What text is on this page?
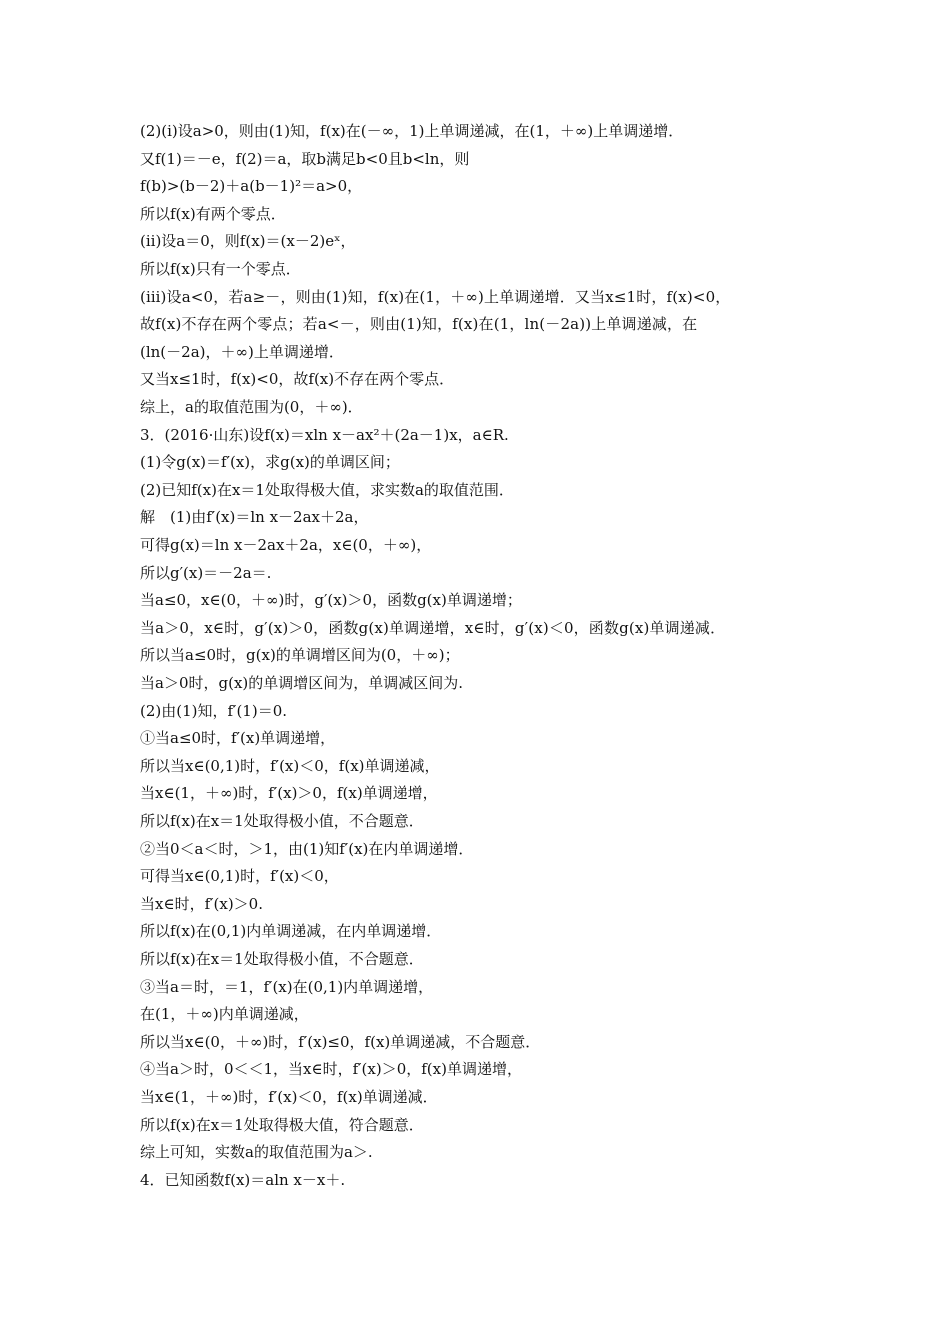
(2)(ⅰ)设a>0，则由(1)知，f(x)在(－∞，1)上单调递减，在(1，＋∞)上单调递增．
又f(1)＝－e，f(2)＝a，取b满足b<0且b<ln，则
f(b)>(b－2)＋a(b－1)²＝a>0，
所以f(x)有两个零点．
(ⅱ)设a＝0，则f(x)＝(x－2)eˣ，
所以f(x)只有一个零点．
(ⅲ)设a<0，若a≥－，则由(1)知，f(x)在(1，＋∞)上单调递增．又当x≤1时，f(x)<0，
故f(x)不存在两个零点；若a<－，则由(1)知，f(x)在(1，ln(－2a))上单调递减，在
(ln(－2a)，＋∞)上单调递增．
又当x≤1时，f(x)<0，故f(x)不存在两个零点．
综上，a的取值范围为(0，＋∞)．
3．(2016·山东)设f(x)＝xln x－ax²＋(2a－1)x，a∈R.
(1)令g(x)＝f′(x)，求g(x)的单调区间；
(2)已知f(x)在x＝1处取得极大值，求实数a的取值范围．
解　(1)由f′(x)＝ln x－2ax＋2a，
可得g(x)＝ln x－2ax＋2a，x∈(0，＋∞)，
所以g′(x)＝－2a＝.
当a≤0，x∈(0，＋∞)时，g′(x)＞0，函数g(x)单调递增；
当a＞0，x∈时，g′(x)＞0，函数g(x)单调递增，x∈时，g′(x)＜0，函数g(x)单调递减．
所以当a≤0时，g(x)的单调增区间为(0，＋∞)；
当a＞0时，g(x)的单调增区间为，单调减区间为.
(2)由(1)知，f′(1)＝0.
①当a≤0时，f′(x)单调递增，
所以当x∈(0,1)时，f′(x)＜0，f(x)单调递减，
当x∈(1，＋∞)时，f′(x)＞0，f(x)单调递增，
所以f(x)在x＝1处取得极小值，不合题意．
②当0＜a＜时，＞1，由(1)知f′(x)在内单调递增．
可得当x∈(0,1)时，f′(x)＜0，
当x∈时，f′(x)＞0.
所以f(x)在(0,1)内单调递减，在内单调递增．
所以f(x)在x＝1处取得极小值，不合题意．
③当a＝时，＝1，f′(x)在(0,1)内单调递增，
在(1，＋∞)内单调递减，
所以当x∈(0，＋∞)时，f′(x)≤0，f(x)单调递减，不合题意．
④当a＞时，0＜＜1，当x∈时，f′(x)＞0，f(x)单调递增，
当x∈(1，＋∞)时，f′(x)＜0，f(x)单调递减．
所以f(x)在x＝1处取得极大值，符合题意．
综上可知，实数a的取值范围为a＞.
4．已知函数f(x)＝aln x－x＋.
